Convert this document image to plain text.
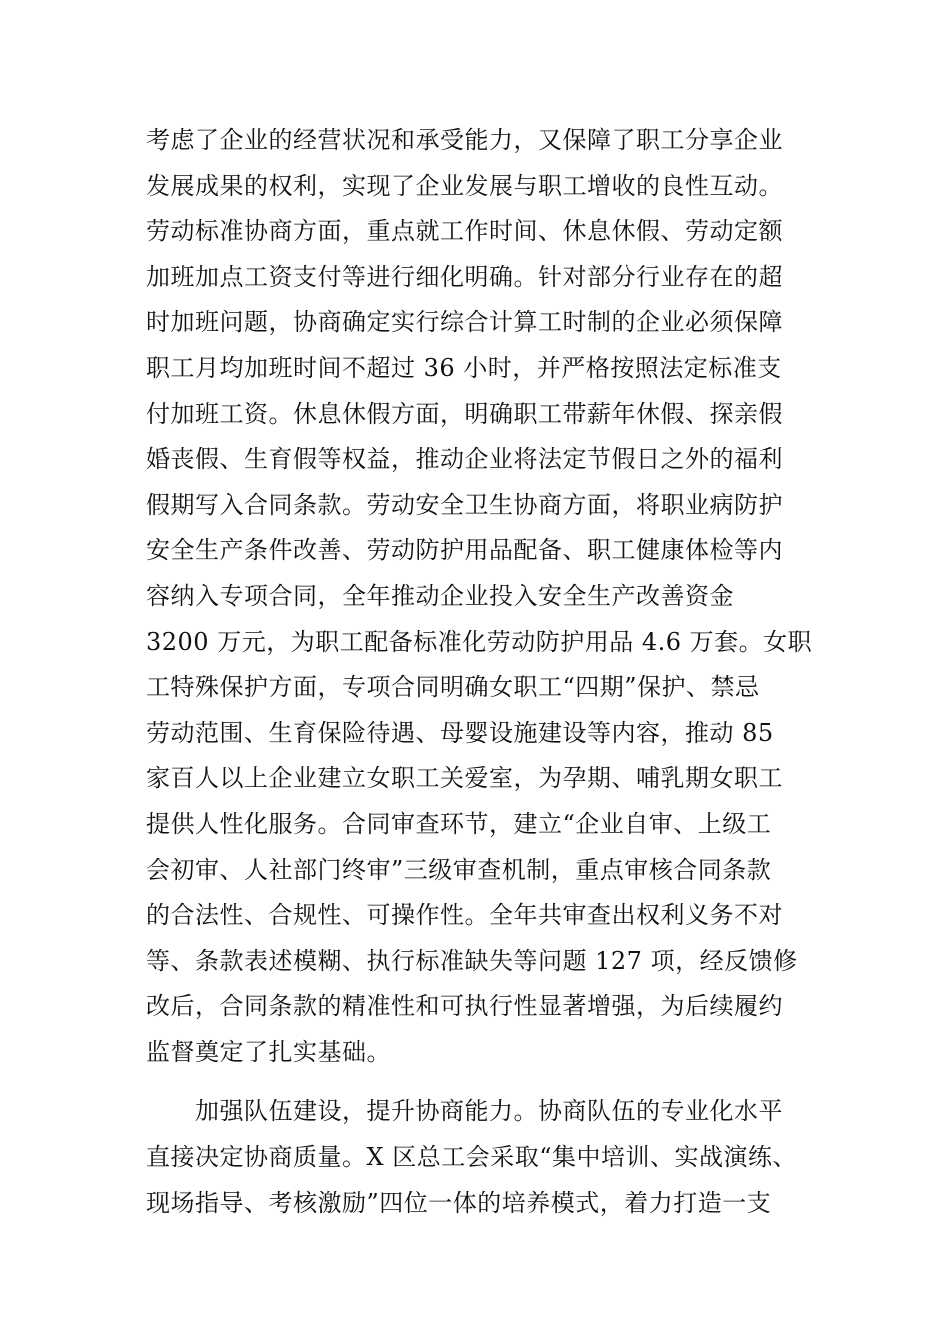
考虑了企业的经营状况和承受能力，又保障了职工分享企业
发展成果的权利，实现了企业发展与职工增收的良性互动。
劳动标准协商方面，重点就工作时间、休息休假、劳动定额
加班加点工资支付等进行细化明确。针对部分行业存在的超
时加班问题，协商确定实行综合计算工时制的企业必须保障
职工月均加班时间不超过 36 小时，并严格按照法定标准支
付加班工资。休息休假方面，明确职工带薪年休假、探亲假
婚丧假、生育假等权益，推动企业将法定节假日之外的福利
假期写入合同条款。劳动安全卫生协商方面，将职业病防护
安全生产条件改善、劳动防护用品配备、职工健康体检等内
容纳入专项合同，全年推动企业投入安全生产改善资金
3200 万元，为职工配备标准化劳动防护用品 4.6 万套。女职
工特殊保护方面，专项合同明确女职工“四期”保护、禁忌
劳动范围、生育保险待遇、母婴设施建设等内容，推动 85
家百人以上企业建立女职工关爱室，为孕期、哺乳期女职工
提供人性化服务。合同审查环节，建立“企业自审、上级工
会初审、人社部门终审”三级审查机制，重点审核合同条款
的合法性、合规性、可操作性。全年共审查出权利义务不对
等、条款表述模糊、执行标准缺失等问题 127 项，经反馈修
改后，合同条款的精准性和可执行性显著增强，为后续履约
监督奠定了扎实基础。
加强队伍建设，提升协商能力。协商队伍的专业化水平
直接决定协商质量。X 区总工会采取“集中培训、实战演练、
现场指导、考核激励”四位一体的培养模式，着力打造一支
